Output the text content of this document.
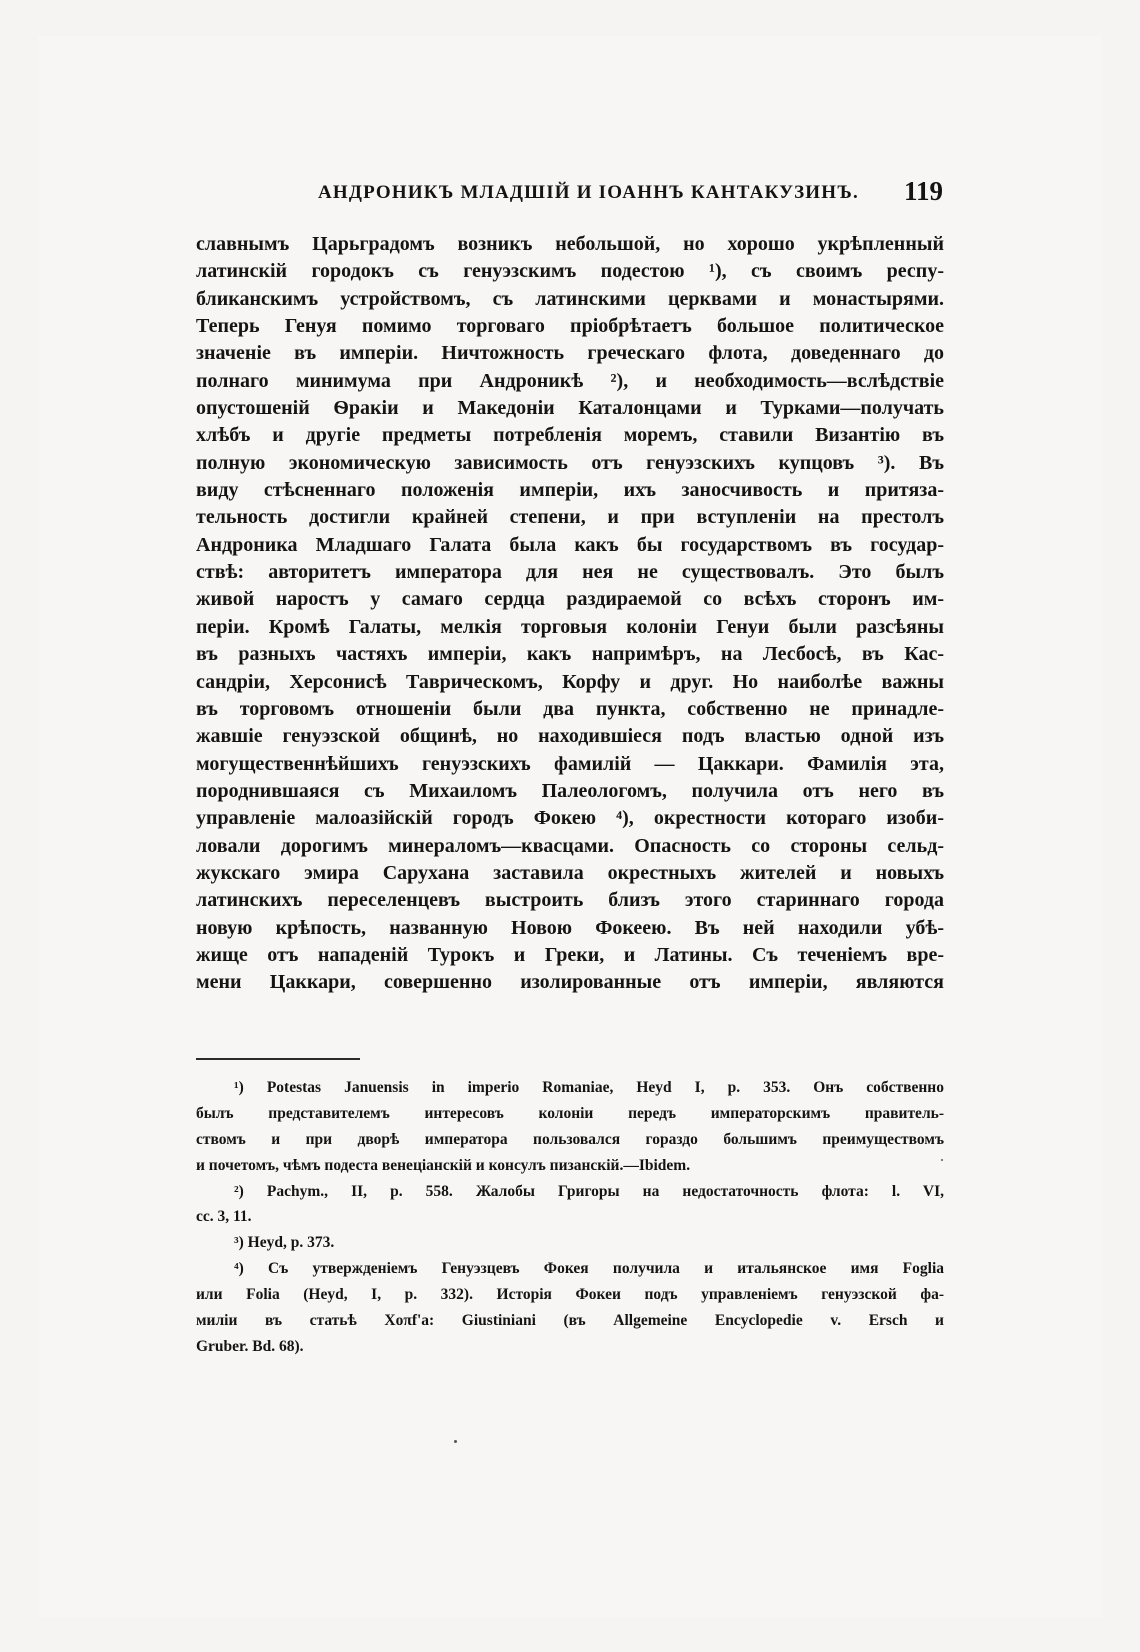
АНДРОНИКЪ МЛАДШІЙ И ІОАННЪ КАНТАКУЗИНЪ. 119
славнымъ Царьградомъ возникъ небольшой, но хорошо укрѣпленный
латинскій городокъ съ генуэзскимъ подестою ¹), съ своимъ респу-
бликанскимъ устройствомъ, съ латинскими церквами и монастырями.
Теперь Генуя помимо торговаго пріобрѣтаетъ большое политическое
значеніе въ имперіи. Ничтожность греческаго флота, доведеннаго до
полнаго минимума при Андроникѣ ²), и необходимость—вслѣдствіе
опустошеній Ѳракіи и Македоніи Каталонцами и Турками—получать
хлѣбъ и другіе предметы потребленія моремъ, ставили Византію въ
полную экономическую зависимость отъ генуэзскихъ купцовъ ³). Въ
виду стѣсненнаго положенія имперіи, ихъ заносчивость и притяза-
тельность достигли крайней степени, и при вступленіи на престолъ
Андроника Младшаго Галата была какъ бы государствомъ въ государ-
ствѣ: авторитетъ императора для нея не существовалъ. Это былъ
живой наростъ у самаго сердца раздираемой со всѣхъ сторонъ им-
періи. Кромѣ Галаты, мелкія торговыя колоніи Генуи были разсѣяны
въ разныхъ частяхъ имперіи, какъ напримѣръ, на Лесбосѣ, въ Кас-
сандріи, Херсонисѣ Таврическомъ, Корфу и друг. Но наиболѣе важны
въ торговомъ отношеніи были два пункта, собственно не принадле-
жавшіе генуэзской общинѣ, но находившіеся подъ властью одной изъ
могущественнѣйшихъ генуэзскихъ фамилій — Цаккари. Фамилія эта,
породнившаяся съ Михаиломъ Палеологомъ, получила отъ него въ
управленіе малоазійскій городъ Фокею ⁴), окрестности котораго изоби-
ловали дорогимъ минераломъ—квасцами. Опасность со стороны сельд-
жукскаго эмира Саруханa заставила окрестныхъ жителей и новыхъ
латинскихъ переселенцевъ выстроить близъ этого стариннаго города
новую крѣпость, названную Новою Фокеею. Въ ней находили убѣ-
жище отъ нападеній Турокъ и Греки, и Латины. Съ теченіемъ вре-
мени Цаккари, совершенно изолированные отъ имперіи, являются
¹) Potestas Januensis in imperio Romaniae, Heyd I, p. 353. Онъ собственно
былъ представителемъ интересовъ колоніи передъ императорскимъ правитель-
ствомъ и при дворѣ императора пользовался гораздо большимъ преимуществомъ
и почетомъ, чѣмъ подеста венеціанскій и консулъ пизанскій.—Ibidem.
²) Pachym., II, p. 558. Жалобы Григоры на недостаточность флота: l. VI,
cc. 3, 11.
³) Heyd, p. 373.
⁴) Съ утвержденіемъ Генуэзцевъ Фокея получила и итальянское имя Foglia
или Folia (Heyd, I, p. 332). Исторія Фокеи подъ управленіемъ генуэзской фа-
миліи въ статьѣ Χοπf'a: Giustiniani (въ Allgemeine Encyclopedie v. Ersch и
Gruber. Bd. 68).
